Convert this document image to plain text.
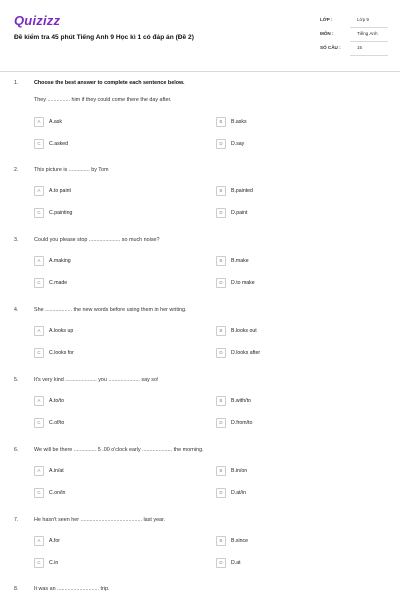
Quizizz
Đề kiểm tra 45 phút Tiếng Anh 9 Học kì 1 có đáp án (Đề 2)
LỚP :	Lớp 9
MÔN :	Tiếng Anh
SỐ CÂU :	15
1.	Choose the best answer to complete each sentence below.
They ............... him if they could come there the day after.
A	A.ask	B	B.asks
C	C.asked	D	D.say
2.	This picture is .............. by Tom
A	A.to paint	B	B.painted
C	C.painting	D	D.paint
3.	Could you please stop ..................... so much noise?
A	A.making	B	B.make
C	C.made	D	D.to make
4.	She .................. the new words before using them in her writing.
A	A.looks up	B	B.looks out
C	C.looks for	D	D.looks after
5.	It's very kind ..................... you ..................... say so!
A	A.to/to	B	B.with/to
C	C.of/to	D	D.from/to
6.	We will be there ............... 5 .00 o'clock early .................... the morning.
A	A.in/at	B	B.in/on
C	C.on/in	D	D.at/in
7.	He hasn't seen her ......................................... last year.
A	A.for	B	B.since
C	C.in	D	D.at
8.	It was an ............................ trip.
